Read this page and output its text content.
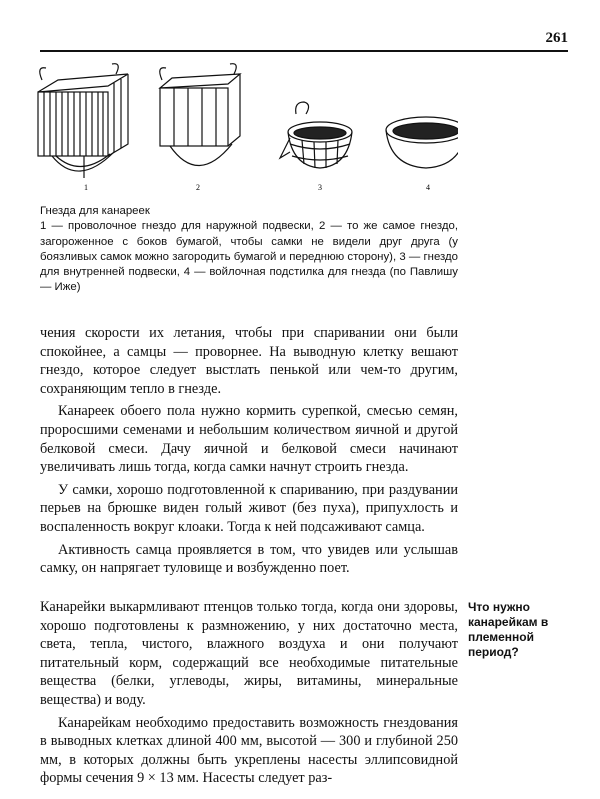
261
1	2	3	4
Гнезда для канареек
1 — проволочное гнездо для наружной подвески, 2 — то же самое гнездо, загороженное с боков бумагой, чтобы самки не видели друг друга (у боязливых самок можно загородить бумагой и переднюю сторону), 3 — гнездо для внутренней подвески, 4 — войлочная подстилка для гнезда (по Павлишу — Иже)

чения скорости их летания, чтобы при спаривании они были спокойнее, а самцы — проворнее. На выводную клетку вешают гнездо, которое следует выстлать пенькой или чем-то другим, сохраняющим тепло в гнезде.

Канареек обоего пола нужно кормить сурепкой, смесью семян, проросшими семенами и небольшим количеством яичной и другой белковой смеси. Дачу яичной и белковой смеси начинают увеличивать лишь тогда, когда самки начнут строить гнезда.

У самки, хорошо подготовленной к спариванию, при раздувании перьев на брюшке виден голый живот (без пуха), припухлость и воспаленность вокруг клоаки. Тогда к ней подсаживают самца.

Активность самца проявляется в том, что увидев или услышав самку, он напрягает туловище и возбужденно поет.

Канарейки выкармливают птенцов только тогда, когда они здоровы, хорошо подготовлены к размножению, у них достаточно места, света, тепла, чистого, влажного воздуха и они получают питательный корм, содержащий все необходимые питательные вещества (белки, углеводы, жиры, витамины, минеральные вещества) и воду.

Канарейкам необходимо предоставить возможность гнездования в выводных клетках длиной 400 мм, высотой — 300 и глубиной 250 мм, в которых должны быть укреплены насесты эллипсовидной формы сечения 9 × 13 мм. Насесты следует раз-

Что нужно канарейкам в племенной период?
